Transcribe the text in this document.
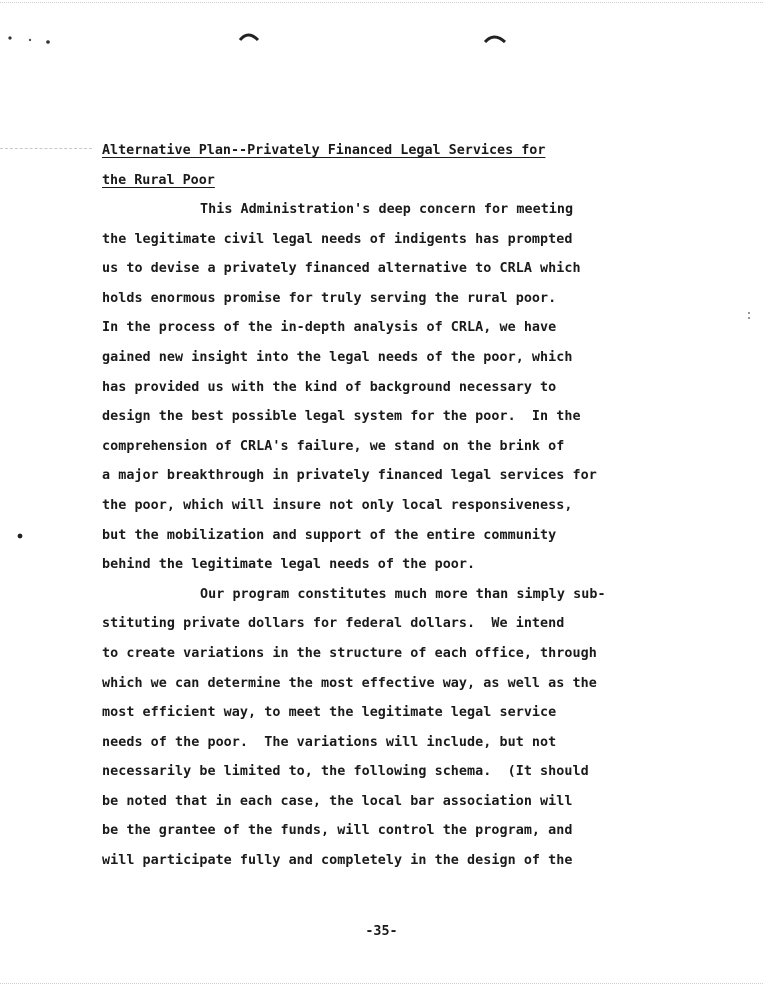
Alternative Plan--Privately Financed Legal Services for
the Rural Poor
This Administration's deep concern for meeting
the legitimate civil legal needs of indigents has prompted
us to devise a privately financed alternative to CRLA which
holds enormous promise for truly serving the rural poor.
In the process of the in-depth analysis of CRLA, we have
gained new insight into the legal needs of the poor, which
has provided us with the kind of background necessary to
design the best possible legal system for the poor.  In the
comprehension of CRLA's failure, we stand on the brink of
a major breakthrough in privately financed legal services for
the poor, which will insure not only local responsiveness,
but the mobilization and support of the entire community
behind the legitimate legal needs of the poor.
Our program constitutes much more than simply sub-
stituting private dollars for federal dollars.  We intend
to create variations in the structure of each office, through
which we can determine the most effective way, as well as the
most efficient way, to meet the legitimate legal service
needs of the poor.  The variations will include, but not
necessarily be limited to, the following schema.  (It should
be noted that in each case, the local bar association will
be the grantee of the funds, will control the program, and
will participate fully and completely in the design of the
-35-
